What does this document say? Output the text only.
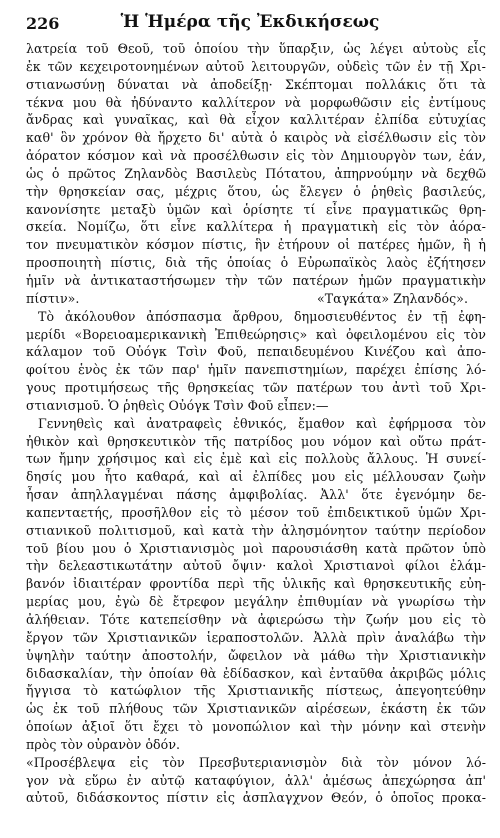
226	Ἡ Ἡμέρα τῆς Ἐκδικήσεως

λατρεία τοῦ Θεοῦ, τοῦ ὁποίου τὴν ὕπαρξιν, ὡς λέγει αὐτοὺς εἷς
ἐκ τῶν κεχειροτονημένων αὐτοῦ λειτουργῶν, οὐδεὶς τῶν ἐν τῇ Χρι-
στιανωσύνῃ δύναται νὰ ἀποδείξῃ· Σκέπτομαι πολλάκις ὅτι τὰ
τέκνα μου θὰ ἠδύναντο καλλίτερον νὰ μορφωθῶσιν εἰς ἐντίμους
ἄνδρας καὶ γυναῖκας, καὶ θὰ εἶχον καλλιτέραν ἐλπίδα εὐτυχίας
καθ' ὃν χρόνον θὰ ἤρχετο δι' αὐτὰ ὁ καιρὸς νὰ εἰσέλθωσιν εἰς τὸν
ἀόρατον κόσμον καὶ νὰ προσέλθωσιν εἰς τὸν Δημιουργὸν των, ἐάν,
ὡς ὁ πρῶτος Ζηλανδὸς Βασιλεὺς Πότατου, ἀπηρνούμην νὰ δεχθῶ
τὴν θρησκείαν σας, μέχρις ὅτου, ὡς ἔλεγεν ὁ ῥηθεὶς βασιλεύς,
κανονίσητε μεταξὺ ὑμῶν καὶ ὁρίσητε τί εἶνε πραγματικῶς θρη-
σκεία. Νομίζω, ὅτι εἶνε καλλίτερα ἡ πραγματικὴ εἰς τὸν ἀόρα-
τον πνευματικὸν κόσμον πίστις, ἣν ἐτήρουν οἱ πατέρες ἡμῶν, ἢ ἡ
προσποιητὴ πίστις, διὰ τῆς ὁποίας ὁ Εὐρωπαϊκὸς λαὸς ἐζήτησεν
ἡμῖν νὰ ἀντικαταστήσωμεν τὴν τῶν πατέρων ἡμῶν πραγματικὴν
πίστιν».	«Ταγκάτα» Ζηλανδός».

Τὸ ἀκόλουθον ἀπόσπασμα ἄρθρου, δημοσιευθέντος ἐν τῇ ἐφη-
μερίδι «Βορειοαμερικανικὴ Ἐπιθεώρησις» καὶ ὀφειλομένου εἰς τὸν
κάλαμον τοῦ Οὐόγκ Τσὶν Φοῦ, πεπαιδευμένου Κινέζου καὶ ἀπο-
φοίτου ἑνὸς ἐκ τῶν παρ' ἡμῖν πανεπιστημίων, παρέχει ἐπίσης λό-
γους προτιμήσεως τῆς θρησκείας τῶν πατέρων του ἀντὶ τοῦ Χρι-
στιανισμοῦ. Ὁ ῥηθεὶς Οὐόγκ Τσὶν Φοῦ εἶπεν:—

Γεννηθεὶς καὶ ἀνατραφεὶς ἐθνικός, ἔμαθον καὶ ἐφήρμοσα τὸν
ἠθικὸν καὶ θρησκευτικὸν τῆς πατρίδος μου νόμον καὶ οὕτω πράτ-
των ἤμην χρήσιμος καὶ εἰς ἐμὲ καὶ εἰς πολλοὺς ἄλλους. Ἡ συνεί-
δησίς μου ἦτο καθαρά, καὶ αἱ ἐλπίδες μου εἰς μέλλουσαν ζωὴν
ἦσαν ἀπηλλαγμέναι πάσης ἀμφιβολίας. Ἀλλ' ὅτε ἐγενόμην δε-
καπενταετής, προσῆλθον εἰς τὸ μέσον τοῦ ἐπιδεικτικοῦ ὑμῶν Χρι-
στιανικοῦ πολιτισμοῦ, καὶ κατὰ τὴν ἀλησμόνητον ταύτην περίοδον
τοῦ βίου μου ὁ Χριστιανισμὸς μοὶ παρουσιάσθη κατὰ πρῶτον ὑπὸ
τὴν δελεαστικωτάτην αὐτοῦ ὄψιν· καλοὶ Χριστιανοὶ φίλοι ἐλάμ-
βανόν ἰδιαιτέραν φροντίδα περὶ τῆς ὑλικῆς καὶ θρησκευτικῆς εὐη-
μερίας μου, ἐγὼ δὲ ἔτρεφον μεγάλην ἐπιθυμίαν νὰ γνωρίσω τὴν
ἀλήθειαν. Τότε κατεπείσθην νὰ ἀφιερώσω τὴν ζωήν μου εἰς τὸ
ἔργον τῶν Χριστιανικῶν ἱεραποστολῶν. Ἀλλὰ πρὶν ἀναλάβω τὴν
ὑψηλὴν ταύτην ἀποστολήν, ὤφειλον νὰ μάθω τὴν Χριστιανικὴν
διδασκαλίαν, τὴν ὁποίαν θὰ ἐδίδασκον, καὶ ἐνταῦθα ἀκριβῶς μόλις
ἤγγισα τὸ κατώφλιον τῆς Χριστιανικῆς πίστεως, ἀπεγοητεύθην
ὡς ἐκ τοῦ πλήθους τῶν Χριστιανικῶν αἱρέσεων, ἑκάστη ἐκ τῶν
ὁποίων ἀξιοῖ ὅτι ἔχει τὸ μονοπώλιον καὶ τὴν μόνην καὶ στενὴν
πρὸς τὸν οὐρανὸν ὁδόν.

«Προσέβλεψα εἰς τὸν Πρεσβυτεριανισμὸν διὰ τὸν μόνον λό-
γον νὰ εὕρω ἐν αὐτῷ καταφύγιον, ἀλλ' ἀμέσως ἀπεχώρησα ἀπ'
αὐτοῦ, διδάσκοντος πίστιν εἰς ἀσπλαγχνον Θεόν, ὁ ὁποῖος προκα-
